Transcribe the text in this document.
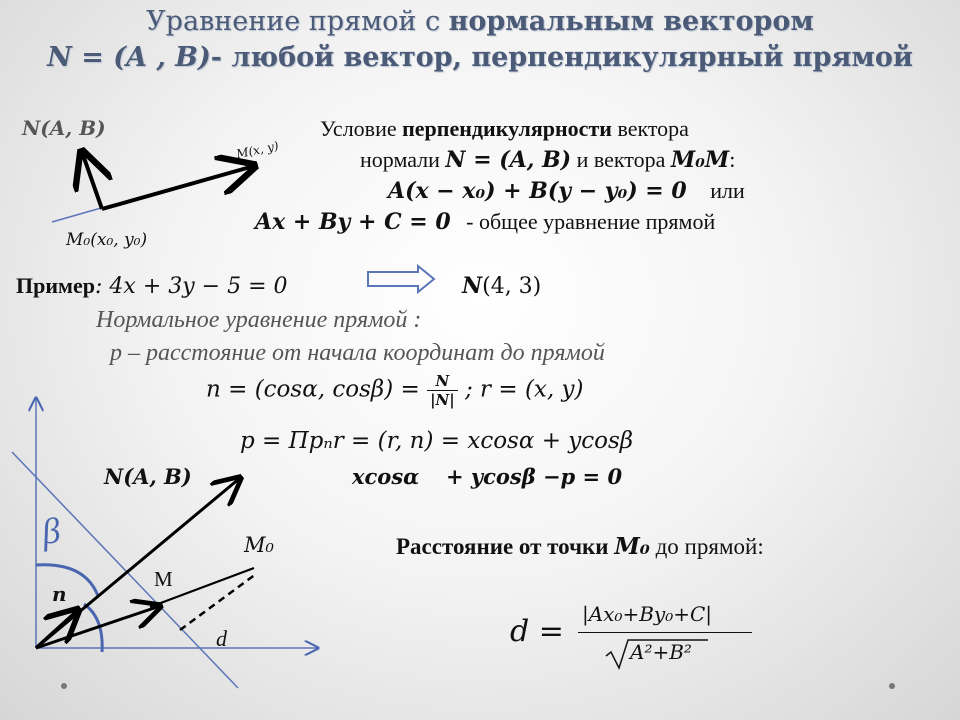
Уравнение прямой с нормальным вектором
N = (A , B)- любой вектор, перпендикулярный прямой
N(A, B)
M(x, y)
M₀(x₀, y₀)
Условие перпендикулярности вектора
нормали N = (A, B) и вектора M₀M:
A(x − x₀) + B(y − y₀) = 0 или
Ax + By + C = 0 - общее уравнение прямой
Пример: 4x + 3y − 5 = 0	N(4, 3)
Нормальное уравнение прямой :
p – расстояние от начала координат до прямой
n = (cosα, $\cos\beta) = \frac{N}{|N|}$ ; r = (x, y)
p = Прₙr = (r, n) = xcosα + ycosβ
xcosα + ycosβ −p = 0
N(A, B)
β
n
M
M₀
d
Расстояние от точки M₀ до прямой:
d = |Ax₀+By₀+C|
A²+B²
